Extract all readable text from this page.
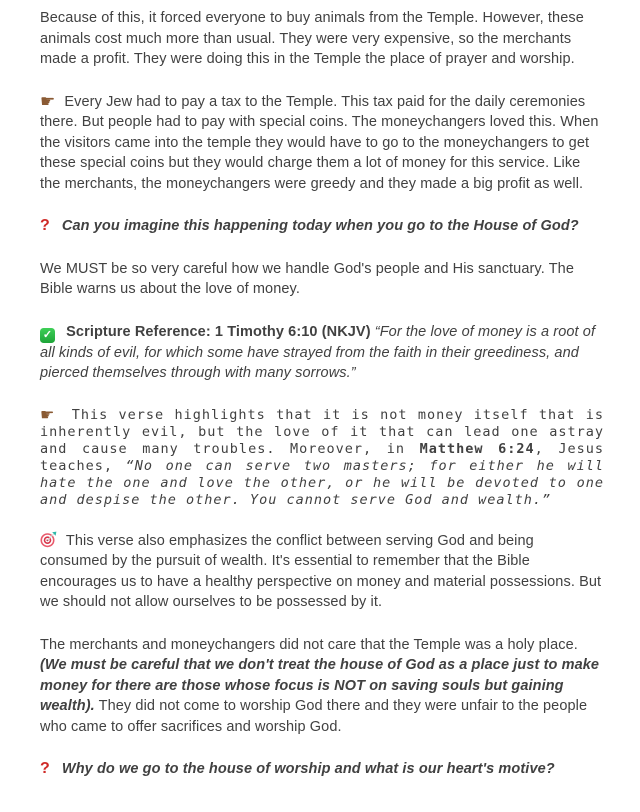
Because of this, it forced everyone to buy animals from the Temple. However, these animals cost much more than usual. They were very expensive, so the merchants made a profit. They were doing this in the Temple the place of prayer and worship.

☛ Every Jew had to pay a tax to the Temple. This tax paid for the daily ceremonies there. But people had to pay with special coins. The moneychangers loved this. When the visitors came into the temple they would have to go to the moneychangers to get these special coins but they would charge them a lot of money for this service. Like the merchants, the moneychangers were greedy and they made a big profit as well.

? Can you imagine this happening today when you go to the House of God?

We MUST be so very careful how we handle God's people and His sanctuary. The Bible warns us about the love of money.

✓ Scripture Reference: 1 Timothy 6:10 (NKJV) “For the love of money is a root of all kinds of evil, for which some have strayed from the faith in their greediness, and pierced themselves through with many sorrows.”

☛ This verse highlights that it is not money itself that is inherently evil, but the love of it that can lead one astray and cause many troubles. Moreover, in Matthew 6:24, Jesus teaches, “No one can serve two masters; for either he will hate the one and love the other, or he will be devoted to one and despise the other. You cannot serve God and wealth.”

This verse also emphasizes the conflict between serving God and being consumed by the pursuit of wealth. It's essential to remember that the Bible encourages us to have a healthy perspective on money and material possessions. But we should not allow ourselves to be possessed by it.

The merchants and moneychangers did not care that the Temple was a holy place. (We must be careful that we don't treat the house of God as a place just to make money for there are those whose focus is NOT on saving souls but gaining wealth). They did not come to worship God there and they were unfair to the people who came to offer sacrifices and worship God.

? Why do we go to the house of worship and what is our heart's motive?
